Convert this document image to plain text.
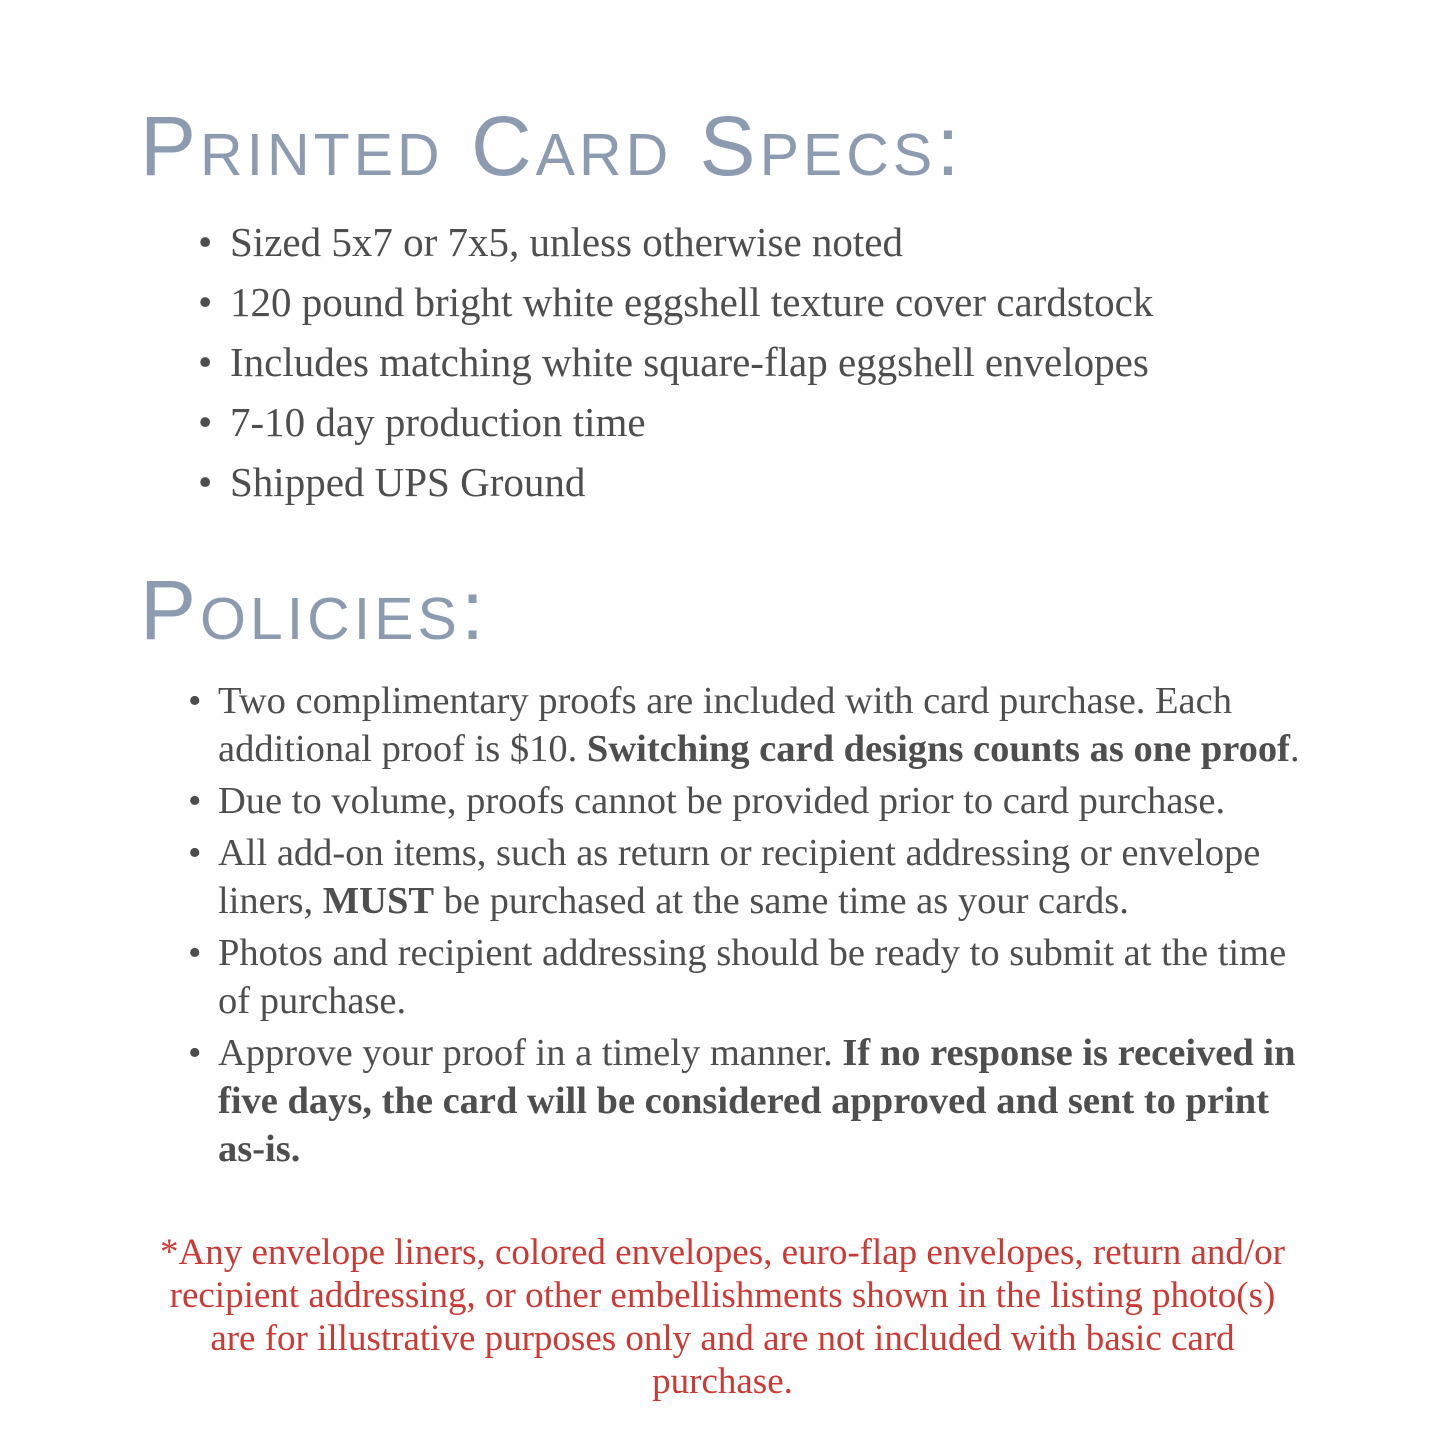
Printed Card Specs:
• Sized 5x7 or 7x5, unless otherwise noted
• 120 pound bright white eggshell texture cover cardstock
• Includes matching white square-flap eggshell envelopes
• 7-10 day production time
• Shipped UPS Ground
Policies:
• Two complimentary proofs are included with card purchase. Each additional proof is $10. Switching card designs counts as one proof.
• Due to volume, proofs cannot be provided prior to card purchase.
• All add-on items, such as return or recipient addressing or envelope liners, MUST be purchased at the same time as your cards.
• Photos and recipient addressing should be ready to submit at the time of purchase.
• Approve your proof in a timely manner. If no response is received in five days, the card will be considered approved and sent to print as-is.

*Any envelope liners, colored envelopes, euro-flap envelopes, return and/or recipient addressing, or other embellishments shown in the listing photo(s) are for illustrative purposes only and are not included with basic card purchase.
